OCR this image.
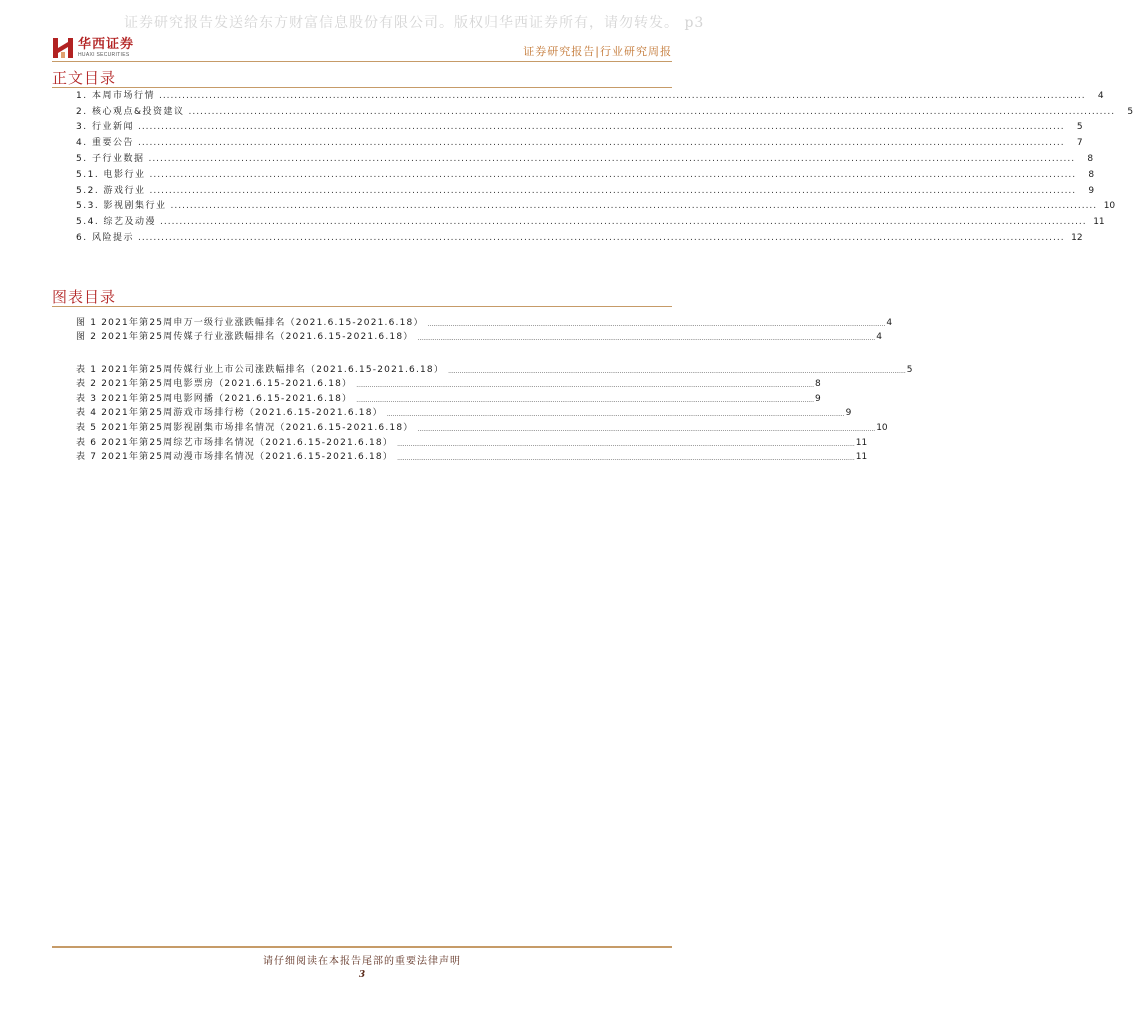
证券研究报告发送给东方财富信息股份有限公司。版权归华西证券所有，请勿转发。 p3
华西证券
HUAXI SECURITIES	证券研究报告|行业研究周报
正文目录
1. 本周市场行情 ................................................................................................................................................................................................................................................	4
2. 核心观点&投资建议 ................................................................................................................................................................................................................................................	5
3. 行业新闻 ................................................................................................................................................................................................................................................	5
4. 重要公告 ................................................................................................................................................................................................................................................	7
5. 子行业数据 ................................................................................................................................................................................................................................................	8
5.1. 电影行业 ................................................................................................................................................................................................................................................	8
5.2. 游戏行业 ................................................................................................................................................................................................................................................	9
5.3. 影视剧集行业 ................................................................................................................................................................................................................................................ 10
5.4. 综艺及动漫 ................................................................................................................................................................................................................................................ 11
6. 风险提示 ................................................................................................................................................................................................................................................ 12
图表目录
图 1 2021年第25周申万一级行业涨跌幅排名（2021.6.15-2021.6.18） ................................................................................................................................................................................................................................................ 4
图 2 2021年第25周传媒子行业涨跌幅排名（2021.6.15-2021.6.18） ................................................................................................................................................................................................................................................ 4
表 1 2021年第25周传媒行业上市公司涨跌幅排名（2021.6.15-2021.6.18） ................................................................................................................................................................................................................................................ 5
表 2 2021年第25周电影票房（2021.6.15-2021.6.18） ................................................................................................................................................................................................................................................ 8
表 3 2021年第25周电影网播（2021.6.15-2021.6.18） ................................................................................................................................................................................................................................................ 9
表 4 2021年第25周游戏市场排行榜（2021.6.15-2021.6.18） ................................................................................................................................................................................................................................................ 9
表 5 2021年第25周影视剧集市场排名情况（2021.6.15-2021.6.18） ................................................................................................................................................................................................................................................ 10
表 6 2021年第25周综艺市场排名情况（2021.6.15-2021.6.18） ................................................................................................................................................................................................................................................ 11
表 7 2021年第25周动漫市场排名情况（2021.6.15-2021.6.18） ................................................................................................................................................................................................................................................ 11
请仔细阅读在本报告尾部的重要法律声明
3
